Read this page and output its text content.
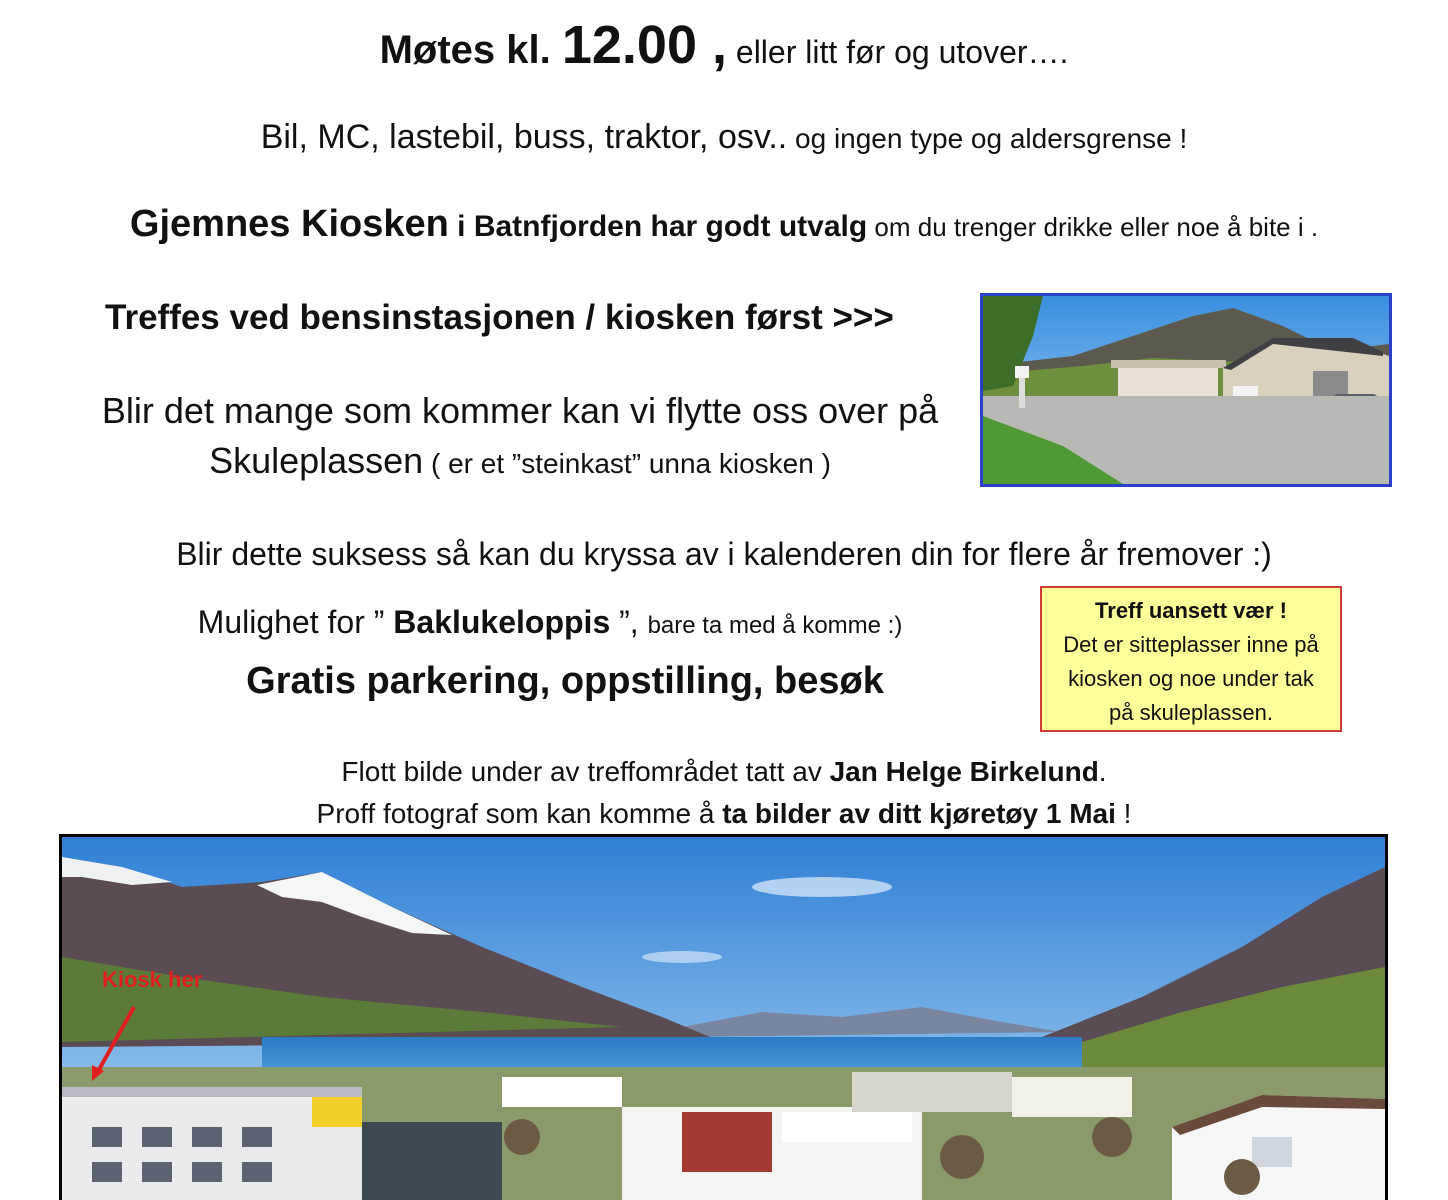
Møtes kl. 12.00 , eller litt før og utover….
Bil, MC, lastebil, buss, traktor, osv.. og ingen type og aldersgrense !
Gjemnes Kiosken i Batnfjorden har godt utvalg om du trenger drikke eller noe å bite i .
Treffes ved bensinstasjonen / kiosken først >>>
Blir det mange som kommer kan vi flytte oss over på
Skuleplassen ( er et ”steinkast” unna kiosken )
Blir dette suksess så kan du kryssa av i kalenderen din for flere år fremover :)
Mulighet for ” Baklukeloppis ”, bare ta med å komme :)
Gratis parkering, oppstilling, besøk
Treff uansett vær !
Det er sitteplasser inne på
kiosken og noe under tak
på skuleplassen.
Flott bilde under av treffområdet tatt av Jan Helge Birkelund.
Proff fotograf som kan komme å ta bilder av ditt kjøretøy 1 Mai !
Kiosk her
